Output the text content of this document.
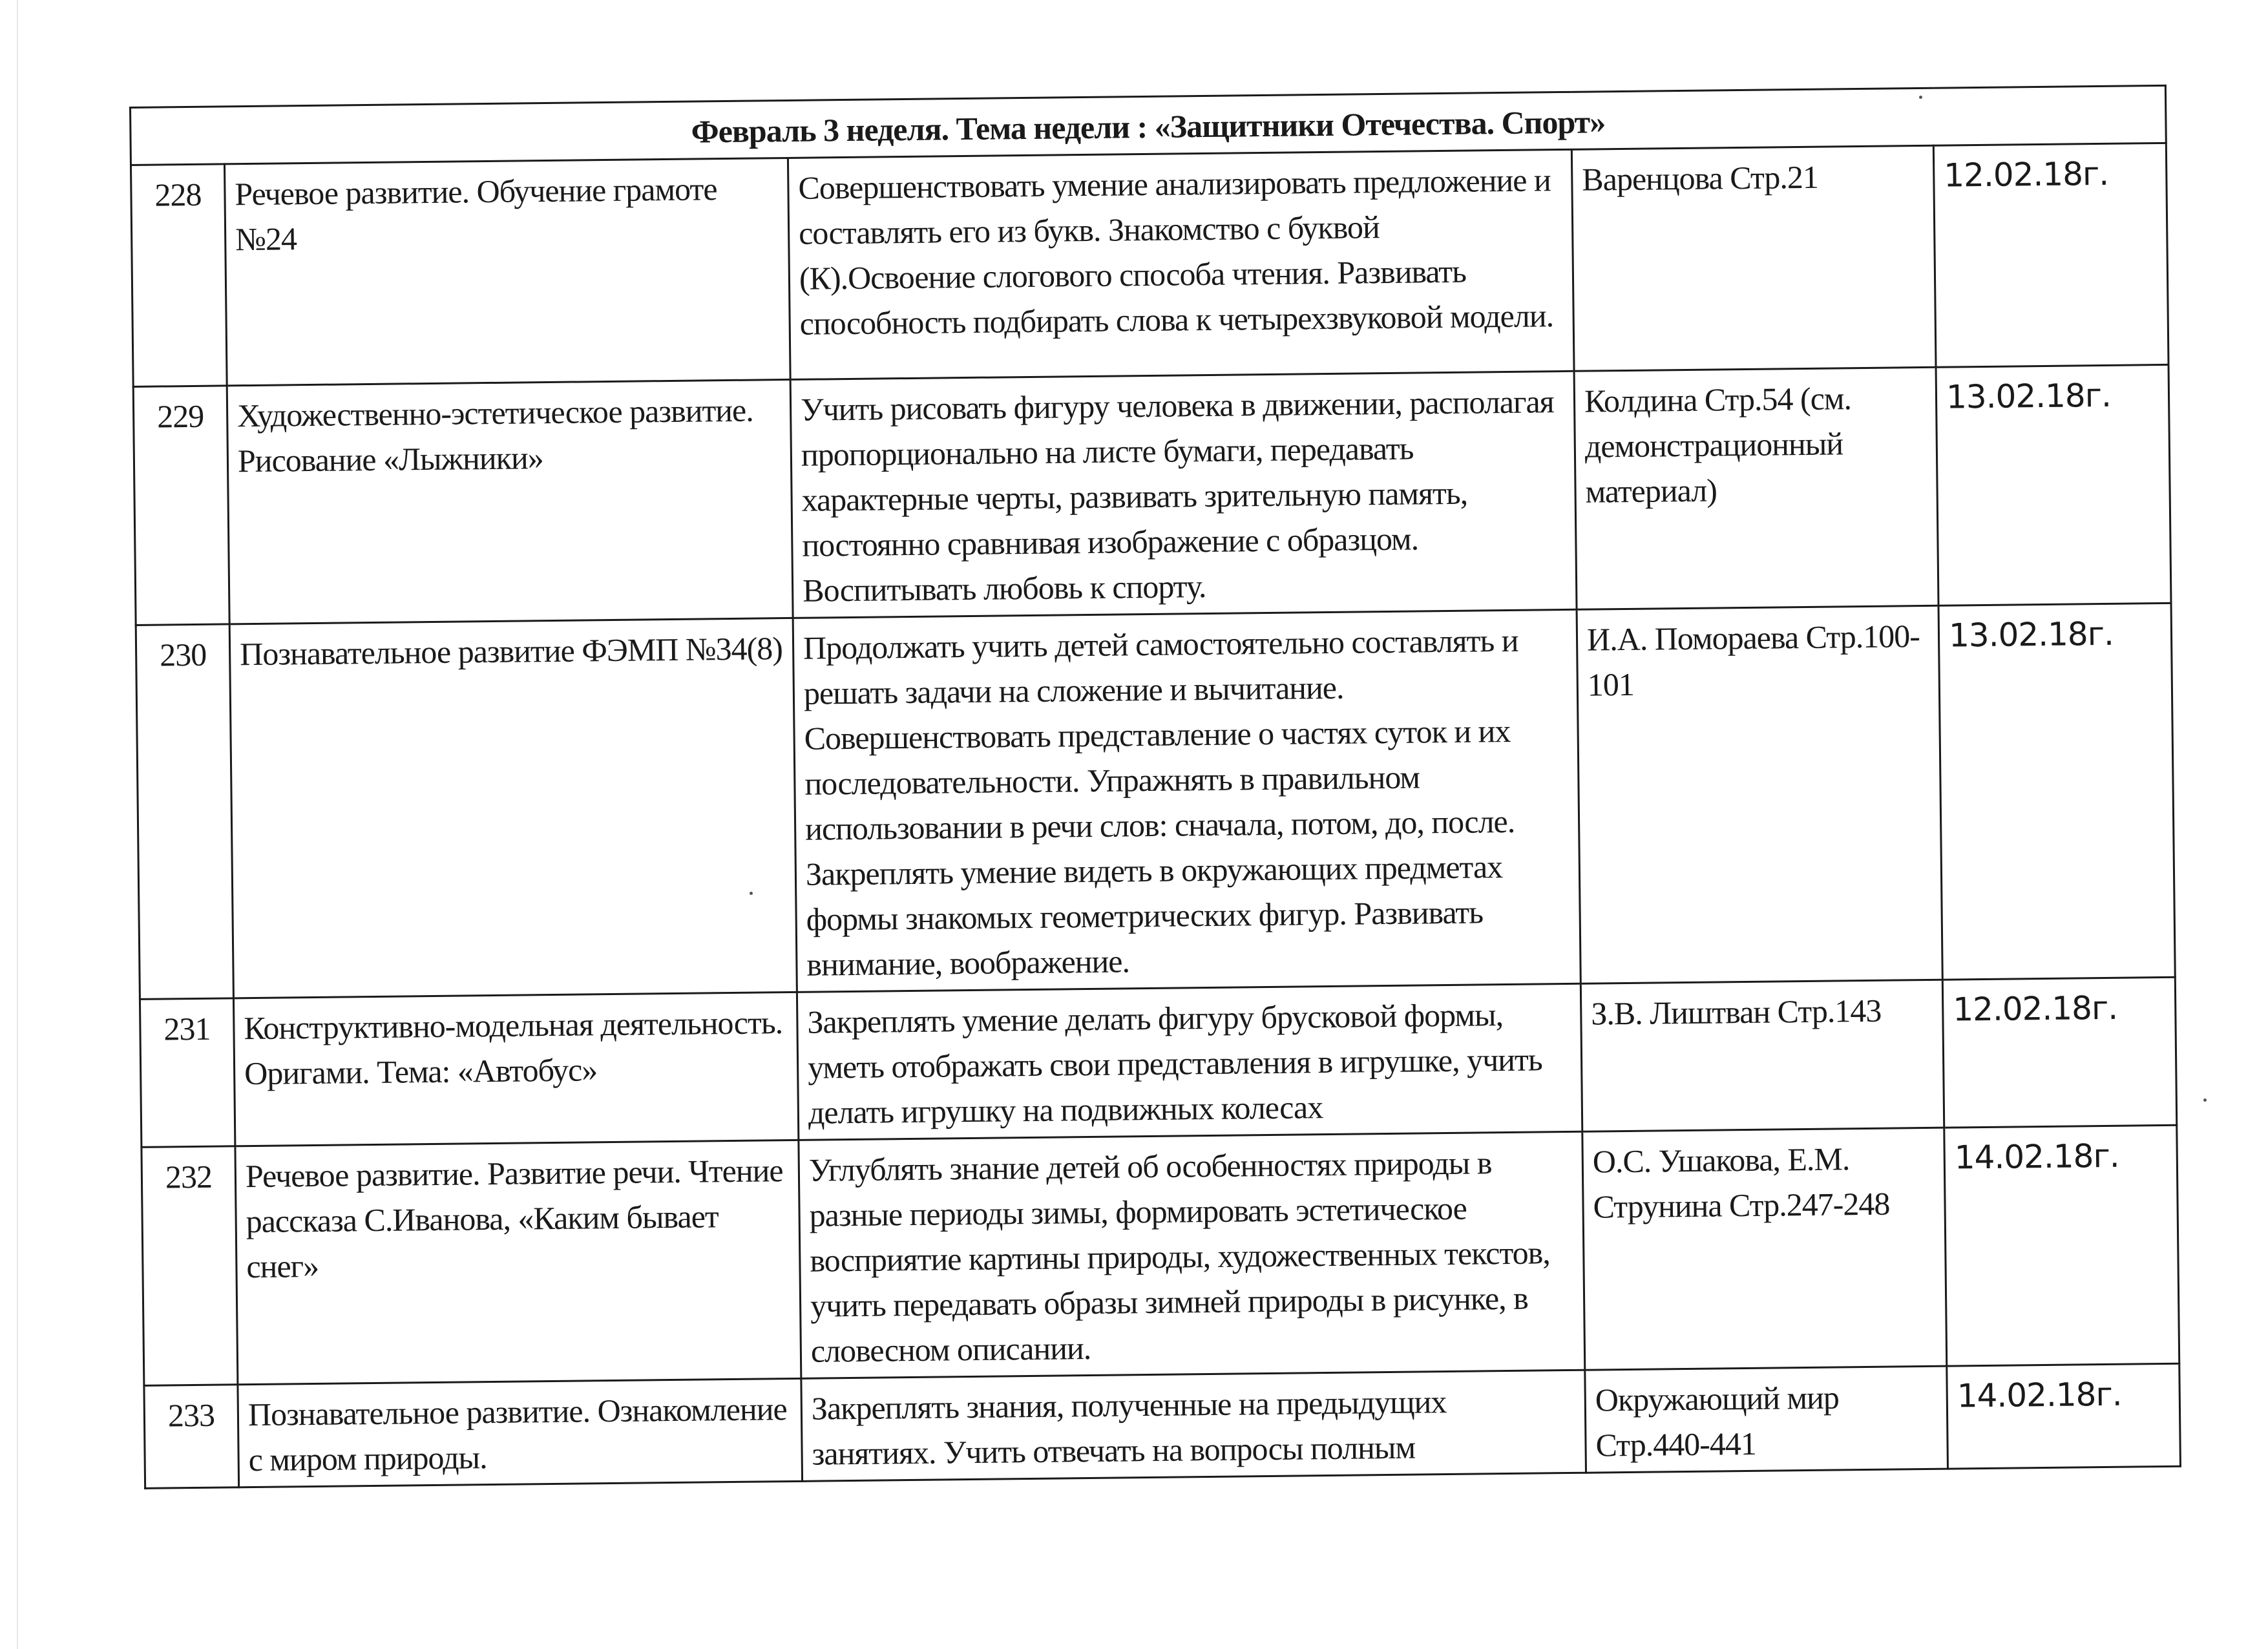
Февраль 3 неделя. Тема недели : «Защитники Отечества. Спорт»				
228	Речевое развитие. Обучение грамоте №24	Совершенствовать умение анализировать предложение и составлять его из букв. Знакомство с буквой (К).Освоение слогового способа чтения. Развивать способность подбирать слова к четырехзвуковой модели.	Варенцова Стр.21	12.02.18г.
229	Художественно-эстетическое развитие. Рисование «Лыжники»	Учить рисовать фигуру человека в движении, располагая пропорционально на листе бумаги, передавать характерные черты, развивать зрительную память, постоянно сравнивая изображение с образцом. Воспитывать любовь к спорту.	Колдина Стр.54 (см. демонстрационный материал)	13.02.18г.
230	Познавательное развитие ФЭМП №34(8)	Продолжать учить детей самостоятельно составлять и решать задачи на сложение и вычитание. Совершенствовать представление о частях суток и их последовательности. Упражнять в правильном использовании в речи слов: сначала, потом, до, после. Закреплять умение видеть в окружающих предметах формы знакомых геометрических фигур. Развивать внимание, воображение.	И.А. Помораева Стр.100-101	13.02.18г.
231	Конструктивно-модельная деятельность. Оригами. Тема: «Автобус»	Закреплять умение делать фигуру брусковой формы, уметь отображать свои представления в игрушке, учить делать игрушку на подвижных колесах	З.В. Лиштван Стр.143	12.02.18г.
232	Речевое развитие. Развитие речи. Чтение рассказа С.Иванова, «Каким бывает снег»	Углублять знание детей об особенностях природы в разные периоды зимы, формировать эстетическое восприятие картины природы, художественных текстов, учить передавать образы зимней природы в рисунке, в словесном описании.	О.С. Ушакова, Е.М. Струнина Стр.247-248	14.02.18г.
233	Познавательное развитие. Ознакомление с миром природы.	Закреплять знания, полученные на предыдущих занятиях. Учить отвечать на вопросы полным	Окружающий мир Стр.440-441	14.02.18г.
